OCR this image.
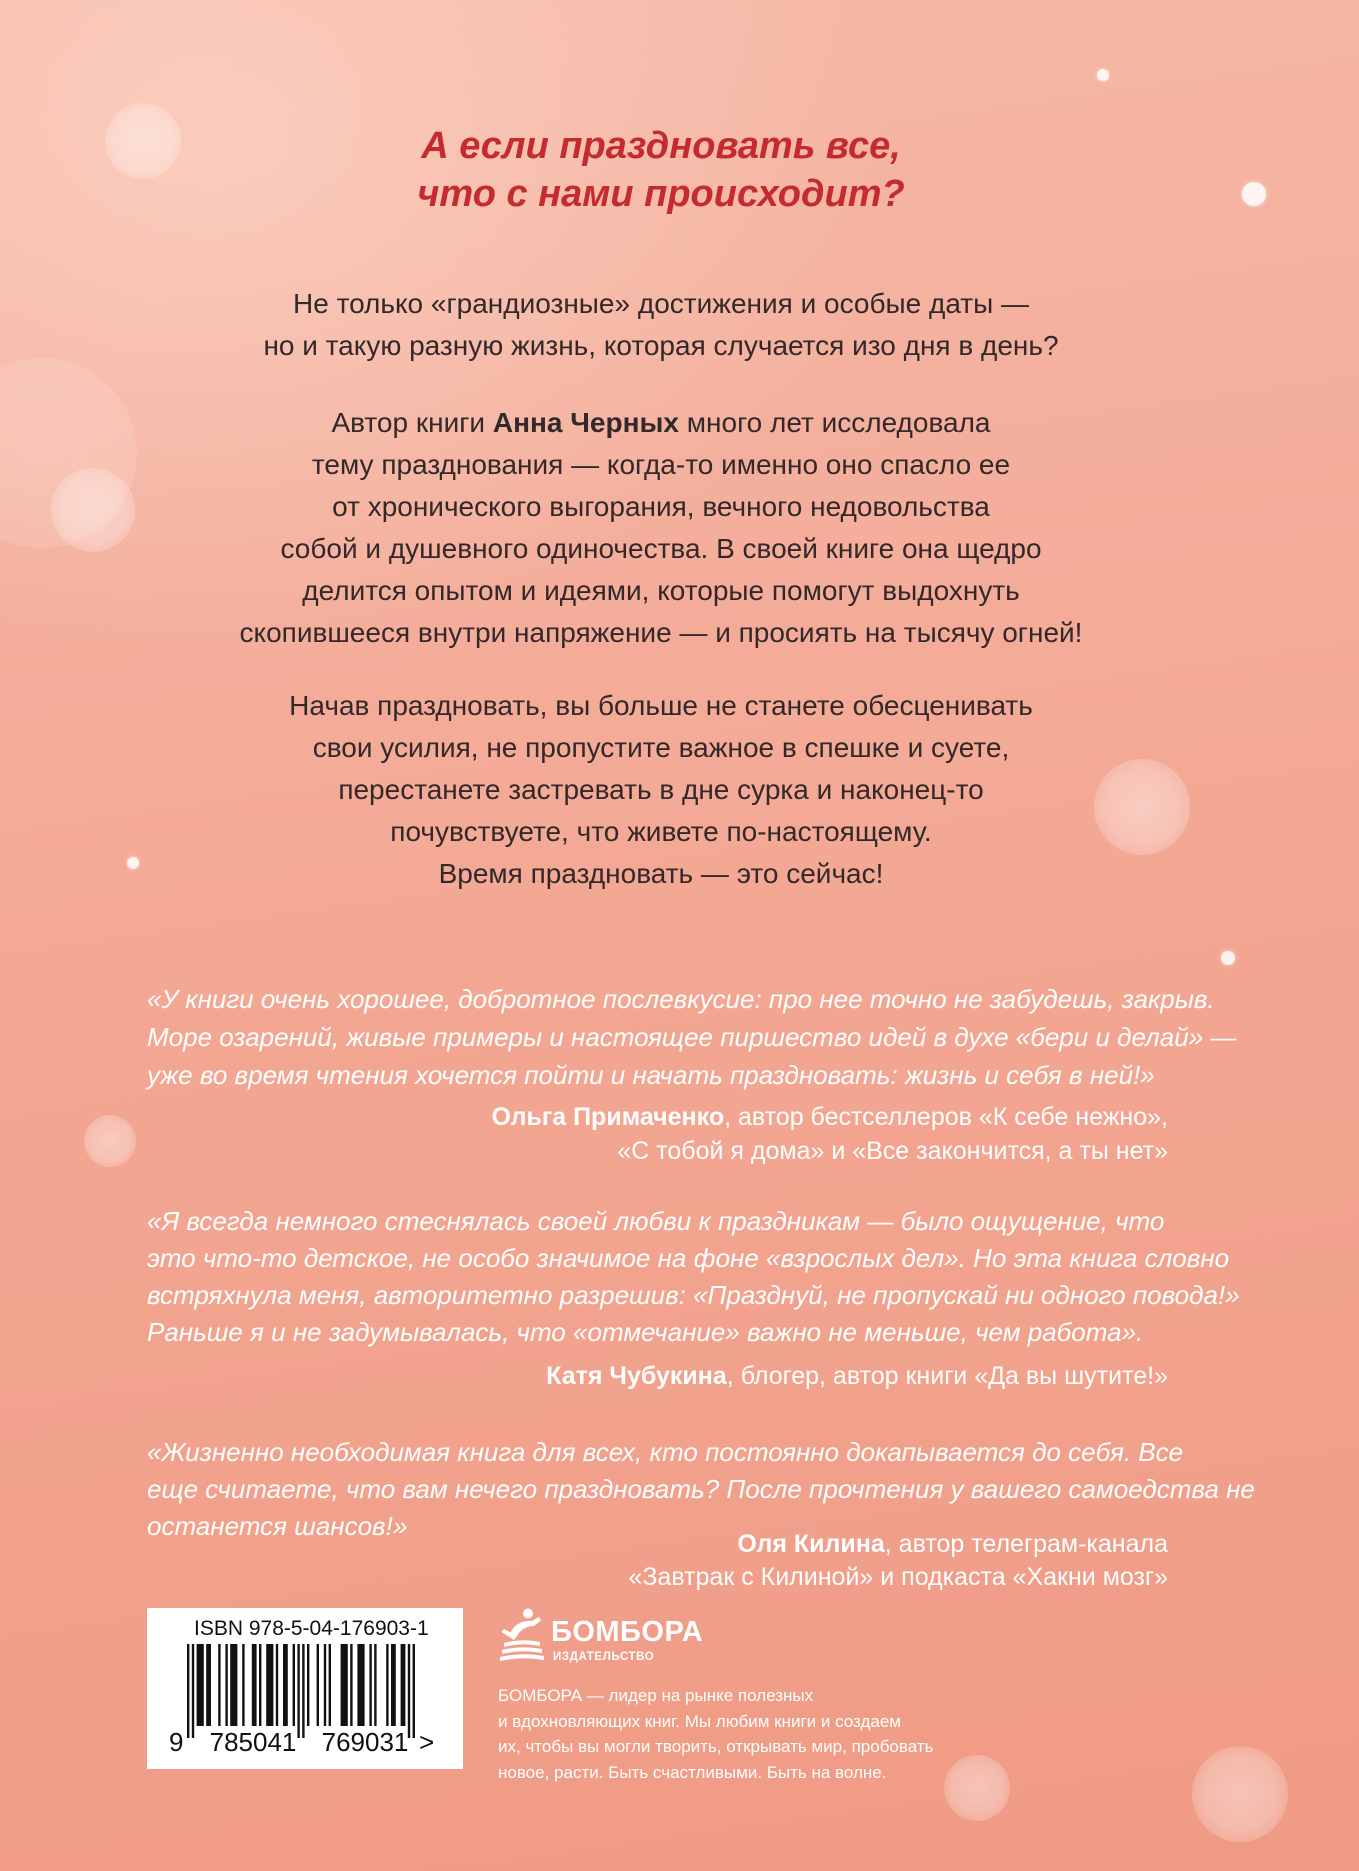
А если праздновать все,
что с нами происходит?
Не только «грандиозные» достижения и особые даты —
но и такую разную жизнь, которая случается изо дня в день?
Автор книги Анна Черных много лет исследовала
тему празднования — когда-то именно оно спасло ее
от хронического выгорания, вечного недовольства
собой и душевного одиночества. В своей книге она щедро
делится опытом и идеями, которые помогут выдохнуть
скопившееся внутри напряжение — и просиять на тысячу огней!
Начав праздновать, вы больше не станете обесценивать
свои усилия, не пропустите важное в спешке и суете,
перестанете застревать в дне сурка и наконец-то
почувствуете, что живете по-настоящему.
Время праздновать — это сейчас!
«У книги очень хорошее, добротное послевкусие: про нее точно не забудешь, закрыв.
Море озарений, живые примеры и настоящее пиршество идей в духе «бери и делай» —
уже во время чтения хочется пойти и начать праздновать: жизнь и себя в ней!»
Ольга Примаченко, автор бестселлеров «К себе нежно»,
«С тобой я дома» и «Все закончится, а ты нет»
«Я всегда немного стеснялась своей любви к праздникам — было ощущение, что
это что-то детское, не особо значимое на фоне «взрослых дел». Но эта книга словно
встряхнула меня, авторитетно разрешив: «Празднуй, не пропускай ни одного повода!»
Раньше я и не задумывалась, что «отмечание» важно не меньше, чем работа».
Катя Чубукина, блогер, автор книги «Да вы шутите!»
«Жизненно необходимая книга для всех, кто постоянно докапывается до себя. Все
еще считаете, что вам нечего праздновать? После прочтения у вашего самоедства не
останется шансов!»
Оля Килина, автор телеграм-канала
«Завтрак с Килиной» и подкаста «Хакни мозг»
ISBN 978-5-04-176903-1
9	785041 769031 >
БОМБОРА
ИЗДАТЕЛЬСТВО
БОМБОРА — лидер на рынке полезных
и вдохновляющих книг. Мы любим книги и создаем
их, чтобы вы могли творить, открывать мир, пробовать
новое, расти. Быть счастливыми. Быть на волне.
